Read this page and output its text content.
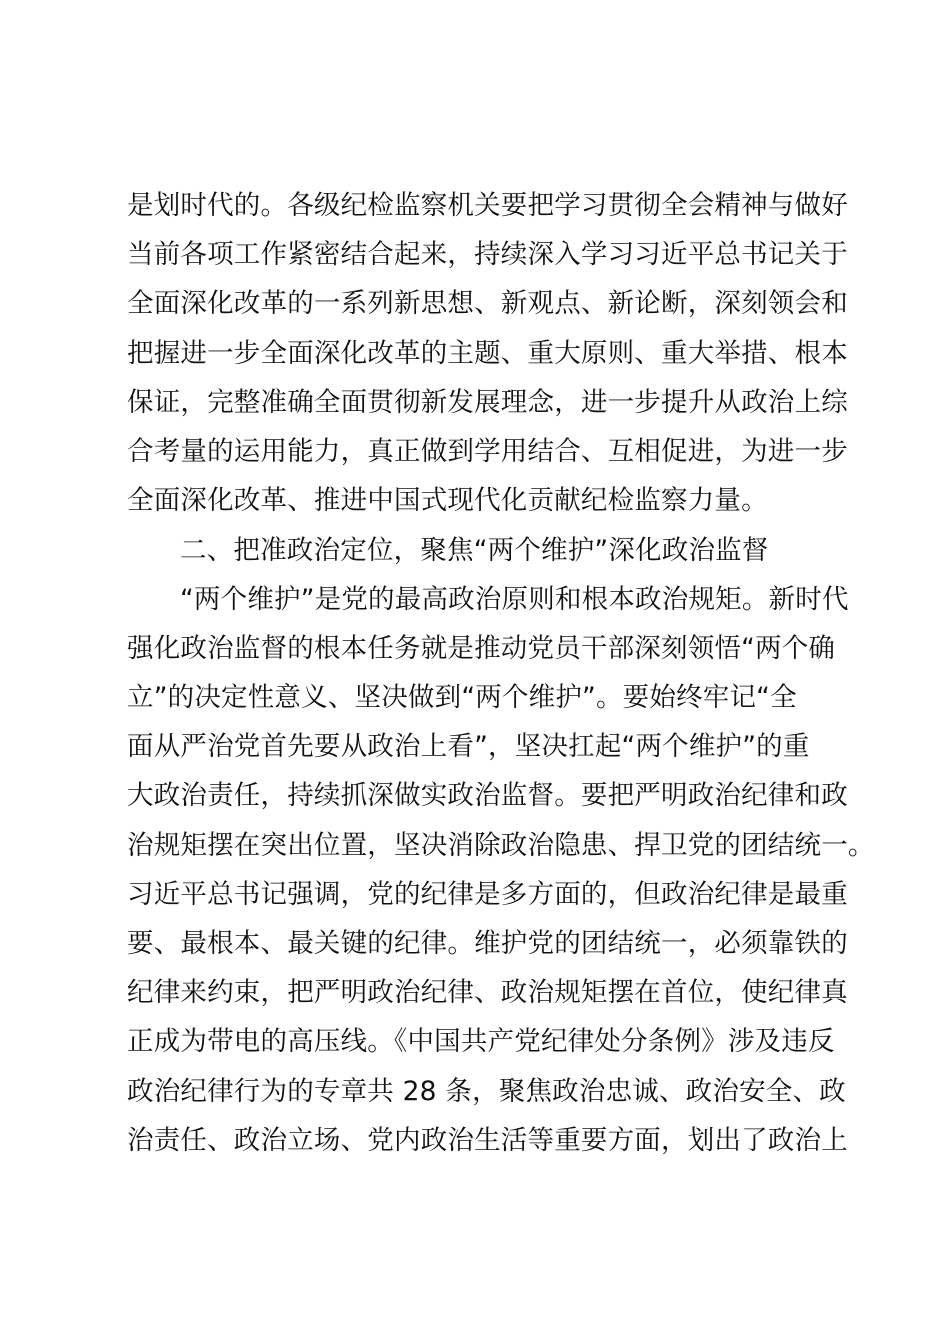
是划时代的。各级纪检监察机关要把学习贯彻全会精神与做好
当前各项工作紧密结合起来，持续深入学习习近平总书记关于
全面深化改革的一系列新思想、新观点、新论断，深刻领会和
把握进一步全面深化改革的主题、重大原则、重大举措、根本
保证，完整准确全面贯彻新发展理念，进一步提升从政治上综
合考量的运用能力，真正做到学用结合、互相促进，为进一步
全面深化改革、推进中国式现代化贡献纪检监察力量。
二、把准政治定位，聚焦“两个维护”深化政治监督
“两个维护”是党的最高政治原则和根本政治规矩。新时代
强化政治监督的根本任务就是推动党员干部深刻领悟“两个确
立”的决定性意义、坚决做到“两个维护”。要始终牢记“全
面从严治党首先要从政治上看”，坚决扛起“两个维护”的重
大政治责任，持续抓深做实政治监督。要把严明政治纪律和政
治规矩摆在突出位置，坚决消除政治隐患、捍卫党的团结统一。
习近平总书记强调，党的纪律是多方面的，但政治纪律是最重
要、最根本、最关键的纪律。维护党的团结统一，必须靠铁的
纪律来约束，把严明政治纪律、政治规矩摆在首位，使纪律真
正成为带电的高压线。《中国共产党纪律处分条例》涉及违反
政治纪律行为的专章共 28 条，聚焦政治忠诚、政治安全、政
治责任、政治立场、党内政治生活等重要方面，划出了政治上
